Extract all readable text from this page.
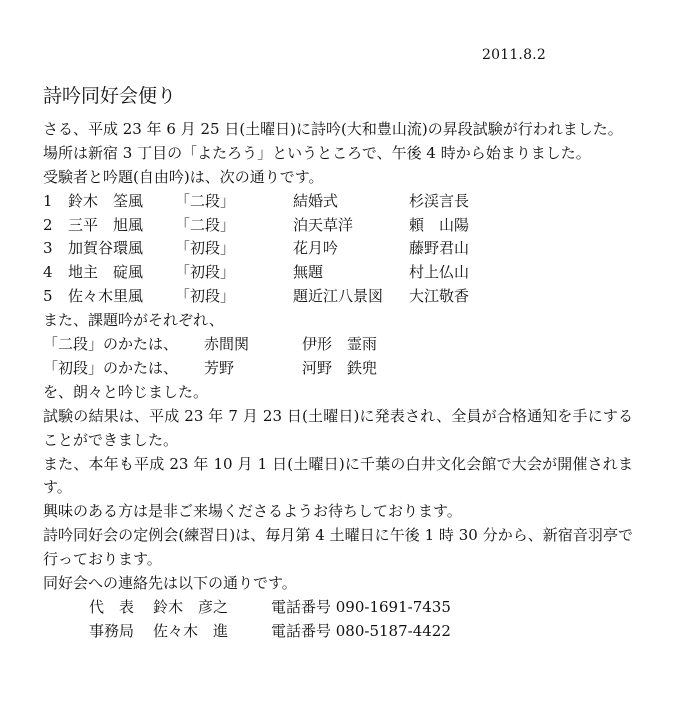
2011.8.2
詩吟同好会便り
さる、平成 23 年 6 月 25 日(土曜日)に詩吟(大和豊山流)の昇段試験が行われました。
場所は新宿 3 丁目の「よたろう」というところで、午後 4 時から始まりました。
受験者と吟題(自由吟)は、次の通りです。
1	鈴木　筌風	「二段」	結婚式	杉渓言長
2	三平　旭風	「二段」	泊天草洋	頼　山陽
3	加賀谷環風	「初段」	花月吟	藤野君山
4	地主　碇風	「初段」	無題	村上仏山
5	佐々木里風	「初段」	題近江八景図	大江敬香
また、課題吟がそれぞれ、
「二段」のかたは、	赤間関	伊形　霊雨
「初段」のかたは、	芳野	河野　鉄兜
を、朗々と吟じました。
試験の結果は、平成 23 年 7 月 23 日(土曜日)に発表され、全員が合格通知を手にすることができました。
また、本年も平成 23 年 10 月 1 日(土曜日)に千葉の白井文化会館で大会が開催されます。
興味のある方は是非ご来場くださるようお待ちしております。
詩吟同好会の定例会(練習日)は、毎月第 4 土曜日に午後 1 時 30 分から、新宿音羽亭で行っております。
同好会への連絡先は以下の通りです。
代　表	鈴木　彦之	電話番号 090-1691-7435
事務局	佐々木　進	電話番号 080-5187-4422
